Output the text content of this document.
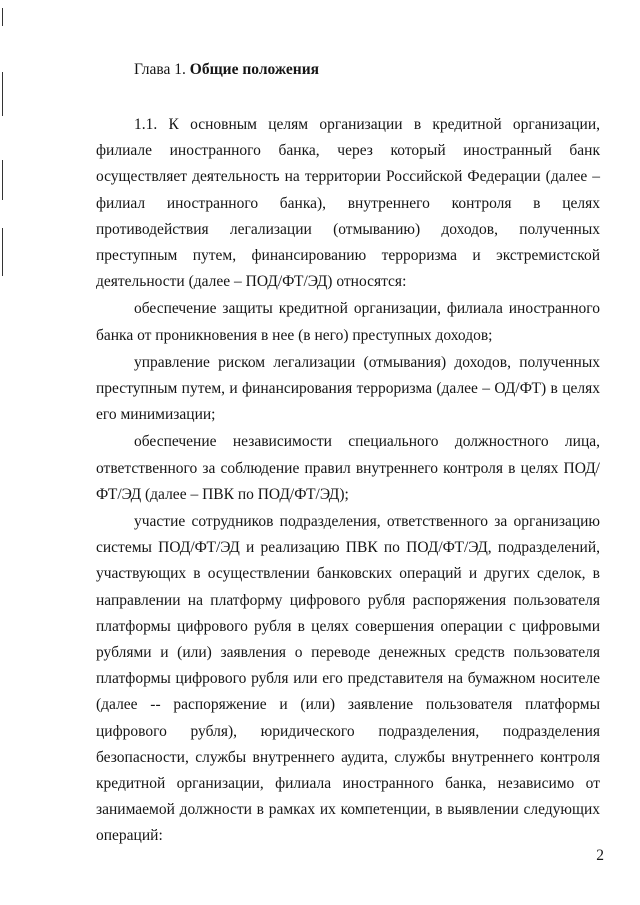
Глава 1. Общие положения

1.1. К основным целям организации в кредитной организации, филиале иностранного банка, через который иностранный банк осуществляет деятельность на территории Российской Федерации (далее – филиал иностранного банка), внутреннего контроля в целях противодействия легализации (отмыванию) доходов, полученных преступным путем, финансированию терроризма и экстремистской деятельности (далее – ПОД/ФТ/ЭД) относятся:

обеспечение защиты кредитной организации, филиала иностранного банка от проникновения в нее (в него) преступных доходов;

управление риском легализации (отмывания) доходов, полученных преступным путем, и финансирования терроризма (далее – ОД/ФТ) в целях его минимизации;

обеспечение независимости специального должностного лица, ответственного за соблюдение правил внутреннего контроля в целях ПОД/ФТ/ЭД (далее – ПВК по ПОД/ФТ/ЭД);

участие сотрудников подразделения, ответственного за организацию системы ПОД/ФТ/ЭД и реализацию ПВК по ПОД/ФТ/ЭД, подразделений, участвующих в осуществлении банковских операций и других сделок, в направлении на платформу цифрового рубля распоряжения пользователя платформы цифрового рубля в целях совершения операции с цифровыми рублями и (или) заявления о переводе денежных средств пользователя платформы цифрового рубля или его представителя на бумажном носителе (далее -- распоряжение и (или) заявление пользователя платформы цифрового рубля), юридического подразделения, подразделения безопасности, службы внутреннего аудита, службы внутреннего контроля кредитной организации, филиала иностранного банка, независимо от занимаемой должности в рамках их компетенции, в выявлении следующих операций:

2
